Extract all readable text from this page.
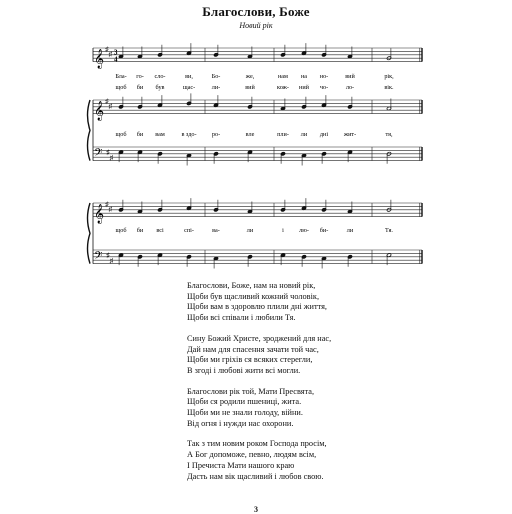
Благослови, Боже
Новий рік
𝄞 ♯
♯ 3
4
Бла- го- сло-	ви,	Бо-	же,	нам на но-	вий	рік,
щоб би був	щас-	ли-	вий	кож- ний чо-	ло-	вік.
𝄞 ♯
♯
𝄢 ♯
♯
щоб би вам	в здо- ро-	вле	пли- ли дні	жит-	тя,
𝄞 ♯
♯
𝄢 ♯
♯
щоб би всі	спі-	ва-	ли	і лю- би-	ли	Тя.
Благослови, Боже, нам на новий рік,
Щоби був щасливий кожний чоловік,
Щоби вам в здоровлю плили дні життя,
Щоби всі співали і любили Тя.
Сину Божий Христе, зроджений для нас,
Дай нам для спасення зачати той час,
Щоби ми гріхів ся всяких стерегли,
В згоді і любові жити всі могли.
Благослови рік той, Мати Пресвята,
Щоби ся родили пшениці, жита.
Щоби ми не знали голоду, війни.
Від огня і нужди нас охорони.
Так з тим новим роком Господа просім,
А Бог допоможе, певно, людям всім,
І Пречиста Мати нашого краю
Дасть нам вік щасливий і любов свою.
3
